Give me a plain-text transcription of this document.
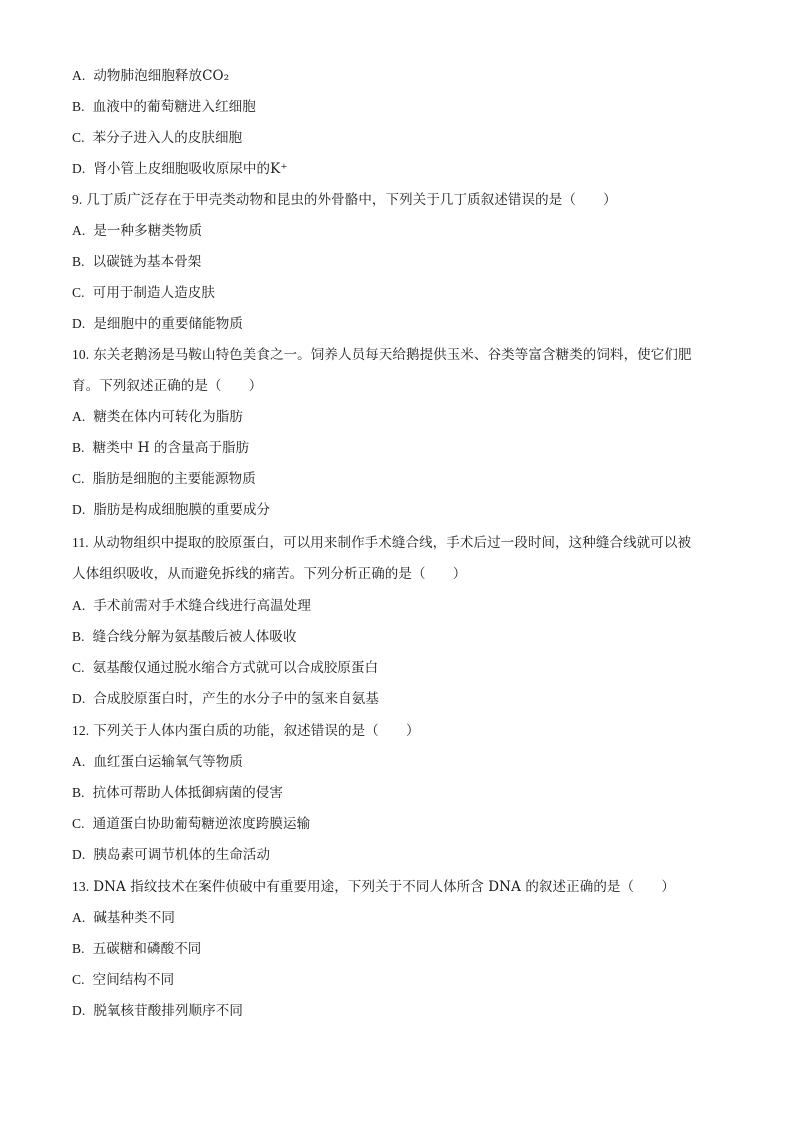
A. 动物肺泡细胞释放CO₂
B. 血液中的葡萄糖进入红细胞
C. 苯分子进入人的皮肤细胞
D. 肾小管上皮细胞吸收原尿中的K⁺
9. 几丁质广泛存在于甲壳类动物和昆虫的外骨骼中，下列关于几丁质叙述错误的是（　　）
A. 是一种多糖类物质
B. 以碳链为基本骨架
C. 可用于制造人造皮肤
D. 是细胞中的重要储能物质
10. 东关老鹅汤是马鞍山特色美食之一。饲养人员每天给鹅提供玉米、谷类等富含糖类的饲料，使它们肥
育。下列叙述正确的是（　　）
A. 糖类在体内可转化为脂肪
B. 糖类中 H 的含量高于脂肪
C. 脂肪是细胞的主要能源物质
D. 脂肪是构成细胞膜的重要成分
11. 从动物组织中提取的胶原蛋白，可以用来制作手术缝合线，手术后过一段时间，这种缝合线就可以被
人体组织吸收，从而避免拆线的痛苦。下列分析正确的是（　　）
A. 手术前需对手术缝合线进行高温处理
B. 缝合线分解为氨基酸后被人体吸收
C. 氨基酸仅通过脱水缩合方式就可以合成胶原蛋白
D. 合成胶原蛋白时，产生的水分子中的氢来自氨基
12. 下列关于人体内蛋白质的功能，叙述错误的是（　　）
A. 血红蛋白运输氧气等物质
B. 抗体可帮助人体抵御病菌的侵害
C. 通道蛋白协助葡萄糖逆浓度跨膜运输
D. 胰岛素可调节机体的生命活动
13. DNA 指纹技术在案件侦破中有重要用途，下列关于不同人体所含 DNA 的叙述正确的是（　　）
A. 碱基种类不同
B. 五碳糖和磷酸不同
C. 空间结构不同
D. 脱氧核苷酸排列顺序不同
